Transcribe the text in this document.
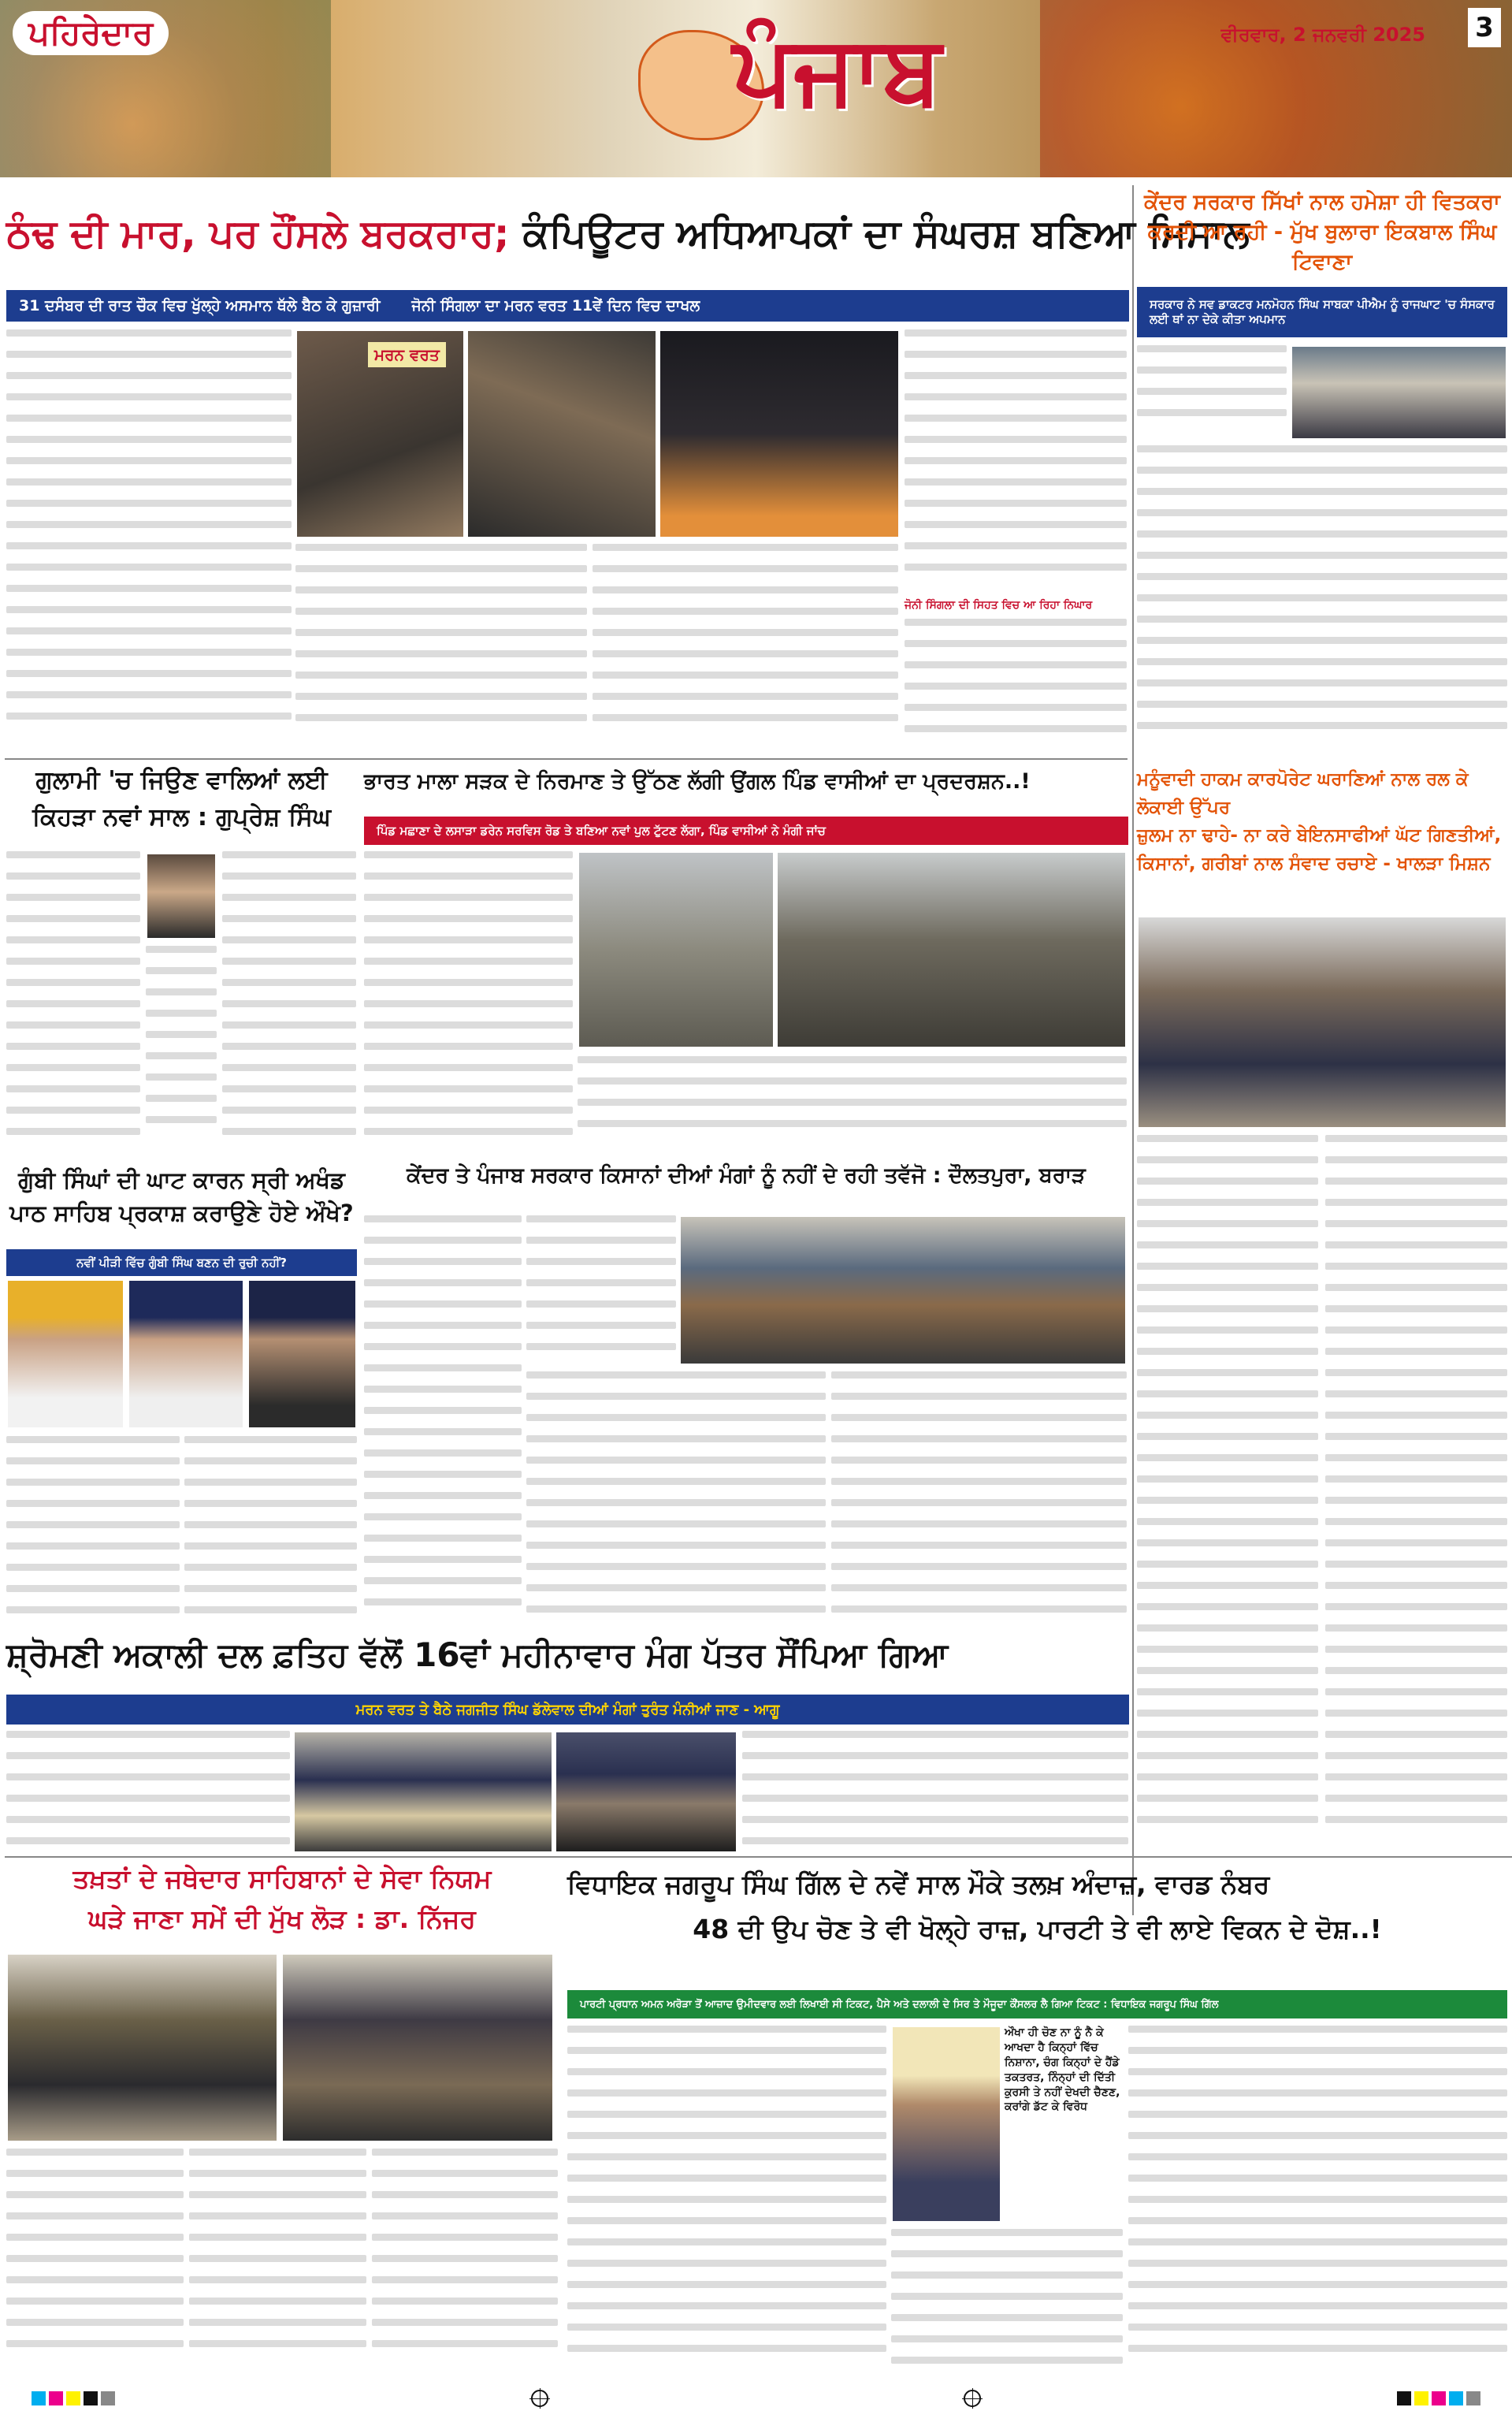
ਪਹਿਰੇਦਾਰ	ਪੰਜਾਬ	ਵੀਰਵਾਰ, 2 ਜਨਵਰੀ 2025 3
ਠੰਢ ਦੀ ਮਾਰ, ਪਰ ਹੌਂਸਲੇ ਬਰਕਰਾਰ; ਕੰਪਿਊਟਰ ਅਧਿਆਪਕਾਂ ਦਾ ਸੰਘਰਸ਼ ਬਣਿਆ ਮਿਸਾਲ
31 ਦਸੰਬਰ ਦੀ ਰਾਤ ਚੌਕ ਵਿਚ ਖੁੱਲ੍ਹੇ ਅਸਮਾਨ ਥੱਲੇ ਬੈਠ ਕੇ ਗੁਜ਼ਾਰੀ ਜੋਨੀ ਸਿੰਗਲਾ ਦਾ ਮਰਨ ਵਰਤ 11ਵੇਂ ਦਿਨ ਵਿਚ ਦਾਖਲ
ਮਰਨ ਵਰਤ
ਜੋਨੀ ਸਿੰਗਲਾ ਦੀ ਸਿਹਤ ਵਿਚ ਆ ਰਿਹਾ ਨਿਘਾਰ
ਕੇਂਦਰ ਸਰਕਾਰ ਸਿੱਖਾਂ ਨਾਲ ਹਮੇਸ਼ਾ ਹੀ ਵਿਤਕਰਾ ਕਰਦੀ ਆ ਰਹੀ - ਮੁੱਖ ਬੁਲਾਰਾ ਇਕਬਾਲ ਸਿੰਘ ਟਿਵਾਣਾ
ਸਰਕਾਰ ਨੇ ਸਵ ਡਾਕਟਰ ਮਨਮੋਹਨ ਸਿੰਘ ਸਾਬਕਾ ਪੀਐਮ ਨੂੰ ਰਾਜਘਾਟ 'ਚ ਸੰਸਕਾਰ ਲਈ ਥਾਂ ਨਾ ਦੇਕੇ ਕੀਤਾ ਅਪਮਾਨ
ਗੁਲਾਮੀ 'ਚ ਜਿਉਣ ਵਾਲਿਆਂ ਲਈ
ਕਿਹੜਾ ਨਵਾਂ ਸਾਲ : ਗੁਪ੍ਰੇਸ਼ ਸਿੰਘ
ਭਾਰਤ ਮਾਲਾ ਸੜਕ ਦੇ ਨਿਰਮਾਣ ਤੇ ਉੱਠਣ ਲੱਗੀ ਉਂਗਲ ਪਿੰਡ ਵਾਸੀਆਂ ਦਾ ਪ੍ਰਦਰਸ਼ਨ..!
ਪਿੰਡ ਮਛਾਣਾ ਦੇ ਲਸਾੜਾ ਡਰੇਨ ਸਰਵਿਸ ਰੋਡ ਤੇ ਬਣਿਆ ਨਵਾਂ ਪੁਲ ਟੁੱਟਣ ਲੱਗਾ, ਪਿੰਡ ਵਾਸੀਆਂ ਨੇ ਮੰਗੀ ਜਾਂਚ
ਮਨੂੰਵਾਦੀ ਹਾਕਮ ਕਾਰਪੋਰੇਟ ਘਰਾਣਿਆਂ ਨਾਲ ਰਲ ਕੇ ਲੋਕਾਈ ਉੱਪਰ
ਜ਼ੁਲਮ ਨਾ ਢਾਹੇ- ਨਾ ਕਰੇ ਬੇਇਨਸਾਫੀਆਂ ਘੱਟ ਗਿਣਤੀਆਂ,
ਕਿਸਾਨਾਂ, ਗਰੀਬਾਂ ਨਾਲ ਸੰਵਾਦ ਰਚਾਏ - ਖਾਲੜਾ ਮਿਸ਼ਨ
ਗੁੰਬੀ ਸਿੰਘਾਂ ਦੀ ਘਾਟ ਕਾਰਨ ਸ੍ਰੀ ਅਖੰਡ
ਪਾਠ ਸਾਹਿਬ ਪ੍ਰਕਾਸ਼ ਕਰਾਉਣੇ ਹੋਏ ਔਖੇ?
ਨਵੀਂ ਪੀੜੀ ਵਿੱਚ ਗੁੰਬੀ ਸਿੰਘ ਬਣਨ ਦੀ ਰੁਚੀ ਨਹੀਂ?
ਕੇਂਦਰ ਤੇ ਪੰਜਾਬ ਸਰਕਾਰ ਕਿਸਾਨਾਂ ਦੀਆਂ ਮੰਗਾਂ ਨੂੰ ਨਹੀਂ ਦੇ ਰਹੀ ਤਵੱਜੋ : ਦੌਲਤਪੁਰਾ, ਬਰਾੜ
ਸ਼੍ਰੋਮਣੀ ਅਕਾਲੀ ਦਲ ਫ਼ਤਿਹ ਵੱਲੋਂ 16ਵਾਂ ਮਹੀਨਾਵਾਰ ਮੰਗ ਪੱਤਰ ਸੌਂਪਿਆ ਗਿਆ
ਮਰਨ ਵਰਤ ਤੇ ਬੈਠੇ ਜਗਜੀਤ ਸਿੰਘ ਡੱਲੇਵਾਲ ਦੀਆਂ ਮੰਗਾਂ ਤੁਰੰਤ ਮੰਨੀਆਂ ਜਾਣ - ਆਗੂ
ਤਖ਼ਤਾਂ ਦੇ ਜਥੇਦਾਰ ਸਾਹਿਬਾਨਾਂ ਦੇ ਸੇਵਾ ਨਿਯਮ
ਘੜੇ ਜਾਣਾ ਸਮੇਂ ਦੀ ਮੁੱਖ ਲੋੜ : ਡਾ. ਨਿੱਜਰ
ਵਿਧਾਇਕ ਜਗਰੂਪ ਸਿੰਘ ਗਿੱਲ ਦੇ ਨਵੇਂ ਸਾਲ ਮੌਕੇ ਤਲਖ਼ ਅੰਦਾਜ਼, ਵਾਰਡ ਨੰਬਰ
48 ਦੀ ਉਪ ਚੋਣ ਤੇ ਵੀ ਖੋਲ੍ਹੇ ਰਾਜ਼, ਪਾਰਟੀ ਤੇ ਵੀ ਲਾਏ ਵਿਕਨ ਦੇ ਦੋਸ਼..!
ਪਾਰਟੀ ਪ੍ਰਧਾਨ ਅਮਨ ਅਰੋੜਾ ਤੋਂ ਆਜ਼ਾਦ ਉਮੀਦਵਾਰ ਲਈ ਲਿਖਾਈ ਸੀ ਟਿਕਟ, ਪੈਸੇ ਅਤੇ ਦਲਾਲੀ ਦੇ ਸਿਰ ਤੇ ਮੌਜੂਦਾ ਕੌਂਸਲਰ ਲੈ ਗਿਆ ਟਿਕਟ : ਵਿਧਾਇਕ ਜਗਰੂਪ ਸਿੰਘ ਗਿੱਲ
ਔਖਾ ਹੀ ਚੋਣ ਨਾ ਨੂੰ ਨੈ ਕੇ ਆਖਦਾ ਹੈ ਕਿਨ੍ਹਾਂ ਵਿੱਚ ਨਿਸ਼ਾਨਾ, ਚੰਗ ਕਿਨ੍ਹਾਂ ਦੇ ਹੈਂਡੇ ਤਕਤਰਤ, ਨਿੰਨ੍ਹਾਂ ਦੀ ਦਿੱਤੀ ਕੁਰਸੀ ਤੇ ਨਹੀਂ ਦੇਖਦੀ ਚੈਣਣ, ਕਰਾਂਗੇ ਡੱਟ ਕੇ ਵਿਰੋਧ
